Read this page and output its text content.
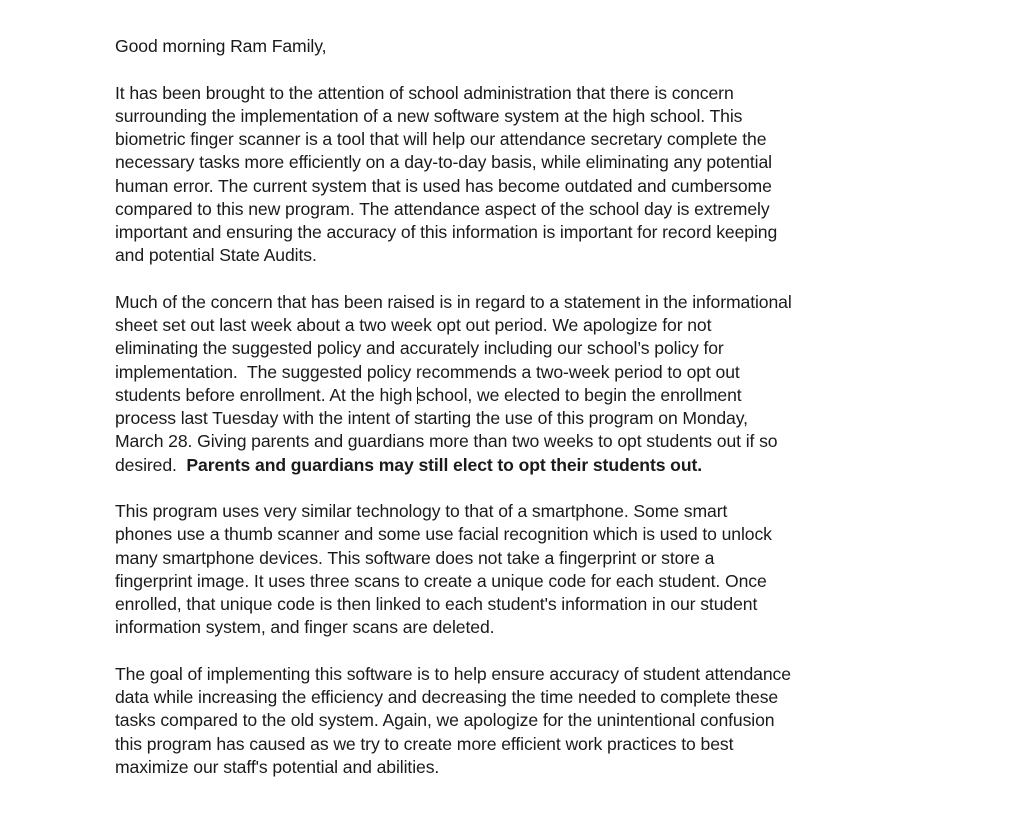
Good morning Ram Family,

It has been brought to the attention of school administration that there is concern
surrounding the implementation of a new software system at the high school. This
biometric finger scanner is a tool that will help our attendance secretary complete the
necessary tasks more efficiently on a day-to-day basis, while eliminating any potential
human error. The current system that is used has become outdated and cumbersome
compared to this new program. The attendance aspect of the school day is extremely
important and ensuring the accuracy of this information is important for record keeping
and potential State Audits.

Much of the concern that has been raised is in regard to a statement in the informational
sheet set out last week about a two week opt out period. We apologize for not
eliminating the suggested policy and accurately including our school’s policy for
implementation.  The suggested policy recommends a two-week period to opt out
students before enrollment. At the high school, we elected to begin the enrollment
process last Tuesday with the intent of starting the use of this program on Monday,
March 28. Giving parents and guardians more than two weeks to opt students out if so
desired.  Parents and guardians may still elect to opt their students out.

This program uses very similar technology to that of a smartphone. Some smart
phones use a thumb scanner and some use facial recognition which is used to unlock
many smartphone devices. This software does not take a fingerprint or store a
fingerprint image. It uses three scans to create a unique code for each student. Once
enrolled, that unique code is then linked to each student's information in our student
information system, and finger scans are deleted.

The goal of implementing this software is to help ensure accuracy of student attendance
data while increasing the efficiency and decreasing the time needed to complete these
tasks compared to the old system. Again, we apologize for the unintentional confusion
this program has caused as we try to create more efficient work practices to best
maximize our staff's potential and abilities.
